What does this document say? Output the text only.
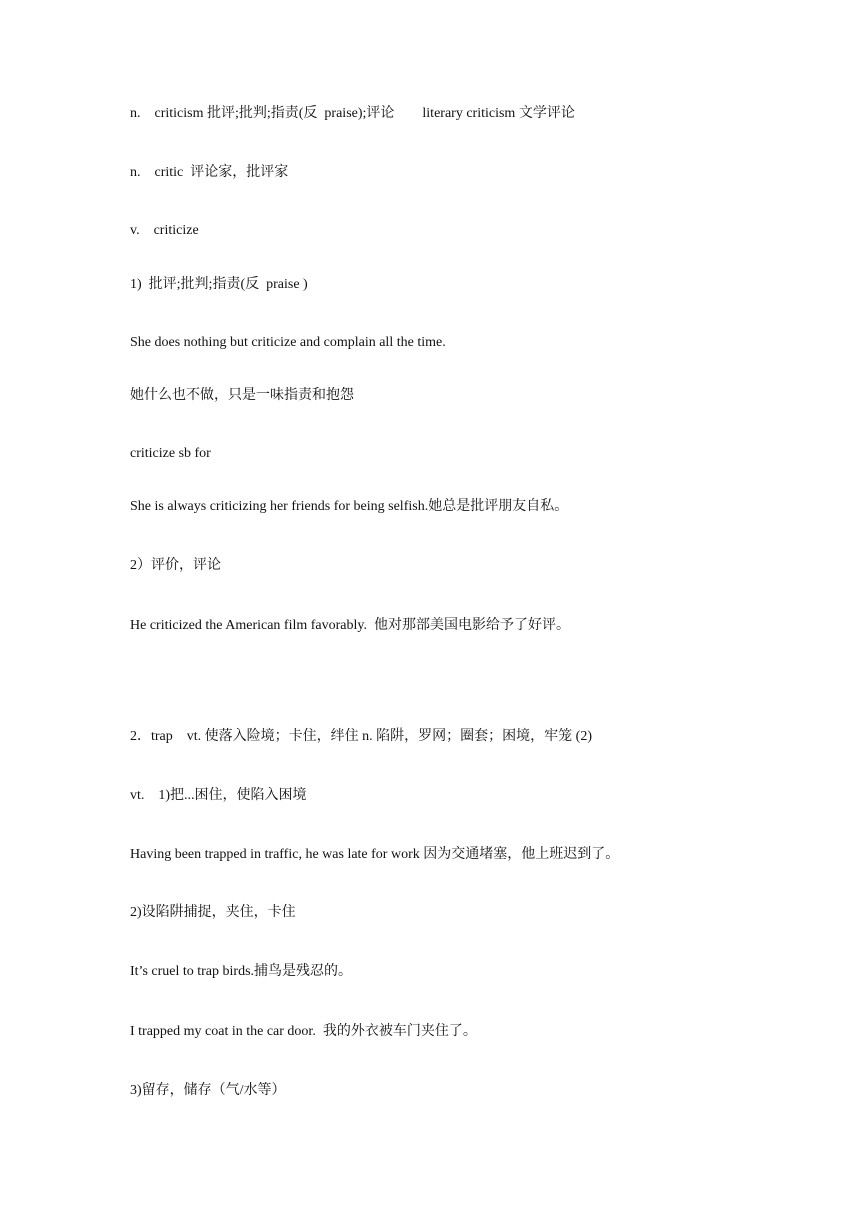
n.    criticism 批评;批判;指责(反  praise);评论        literary criticism 文学评论
n.    critic  评论家，批评家
v.    criticize
1)  批评;批判;指责(反  praise )
She does nothing but criticize and complain all the time.
她什么也不做，只是一味指责和抱怨
criticize sb for
She is always criticizing her friends for being selfish.她总是批评朋友自私。
2）评价，评论
He criticized the American film favorably.  他对那部美国电影给予了好评。
2．trap    vt. 使落入险境；卡住，绊住 n. 陷阱，罗网；圈套；困境，牢笼 (2)
vt.    1)把...困住，使陷入困境
Having been trapped in traffic, he was late for work 因为交通堵塞，他上班迟到了。
2)设陷阱捕捉，夹住，卡住
It’s cruel to trap birds.捕鸟是残忍的。
I trapped my coat in the car door.  我的外衣被车门夹住了。
3)留存，储存（气/水等）
